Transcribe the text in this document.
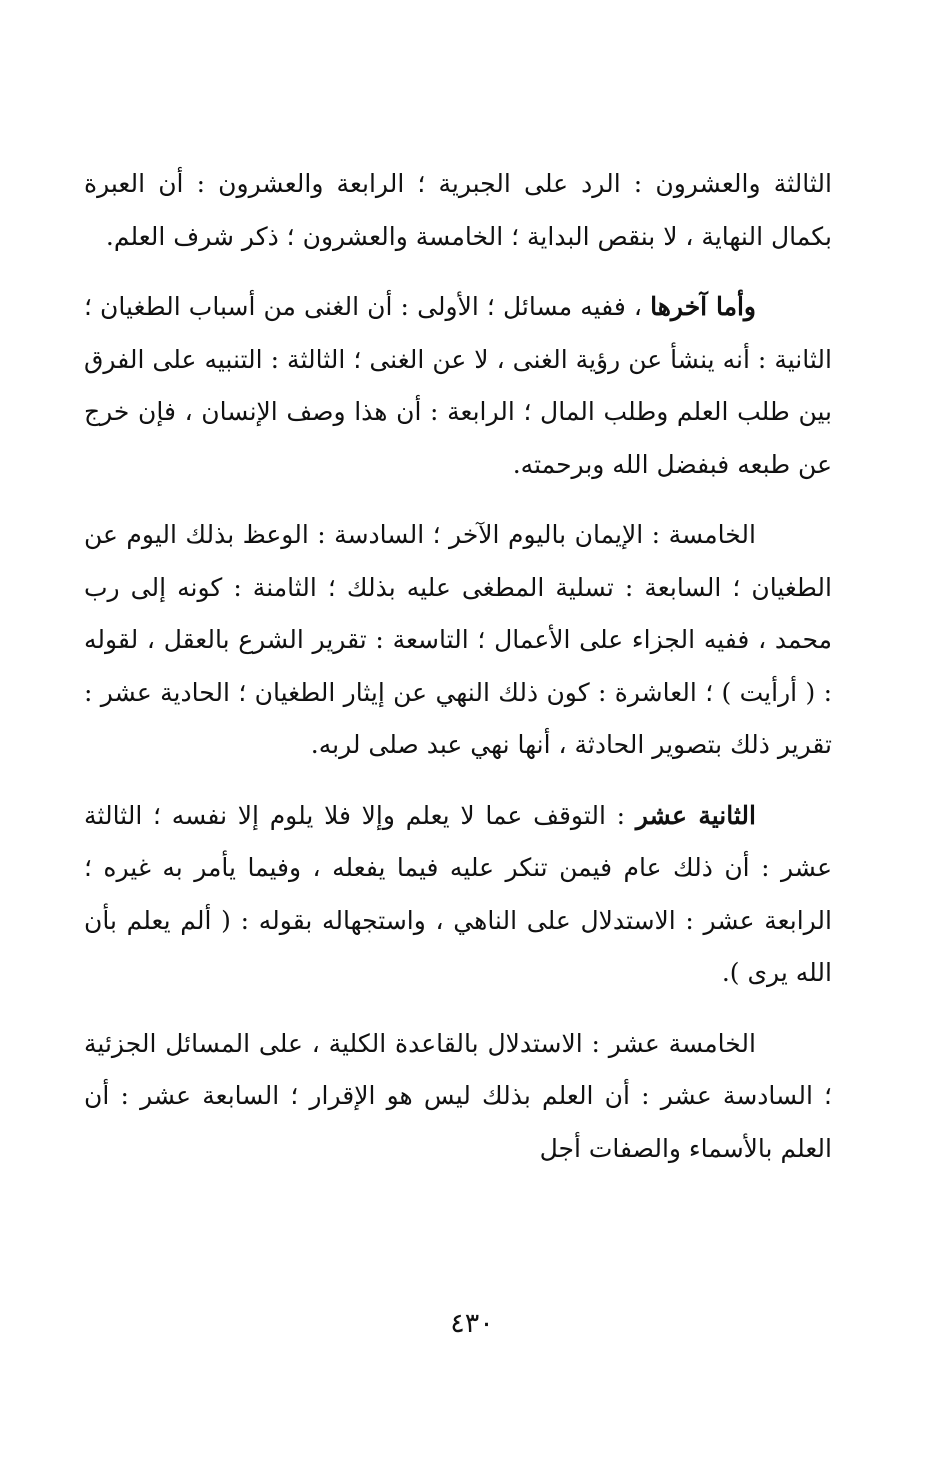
الثالثة والعشرون : الرد على الجبرية ؛ الرابعة والعشرون : أن العبرة بكمال النهاية ، لا بنقص البداية ؛ الخامسة والعشرون ؛ ذكر شرف العلم.

وأما آخرها ، ففيه مسائل ؛ الأولى : أن الغنى من أسباب الطغيان ؛ الثانية : أنه ينشأ عن رؤية الغنى ، لا عن الغنى ؛ الثالثة : التنبيه على الفرق بين طلب العلم وطلب المال ؛ الرابعة : أن هذا وصف الإنسان ، فإن خرج عن طبعه فبفضل الله وبرحمته.

الخامسة : الإيمان باليوم الآخر ؛ السادسة : الوعظ بذلك اليوم عن الطغيان ؛ السابعة : تسلية المطغى عليه بذلك ؛ الثامنة : كونه إلى رب محمد ، ففيه الجزاء على الأعمال ؛ التاسعة : تقرير الشرع بالعقل ، لقوله : ( أرأيت ) ؛ العاشرة : كون ذلك النهي عن إيثار الطغيان ؛ الحادية عشر : تقرير ذلك بتصوير الحادثة ، أنها نهي عبد صلى لربه.

الثانية عشر : التوقف عما لا يعلم وإلا فلا يلوم إلا نفسه ؛ الثالثة عشر : أن ذلك عام فيمن تنكر عليه فيما يفعله ، وفيما يأمر به غيره ؛ الرابعة عشر : الاستدلال على الناهي ، واستجهاله بقوله : ( ألم يعلم بأن الله يرى ).

الخامسة عشر : الاستدلال بالقاعدة الكلية ، على المسائل الجزئية ؛ السادسة عشر : أن العلم بذلك ليس هو الإقرار ؛ السابعة عشر : أن العلم بالأسماء والصفات أجل

٤٣٠
